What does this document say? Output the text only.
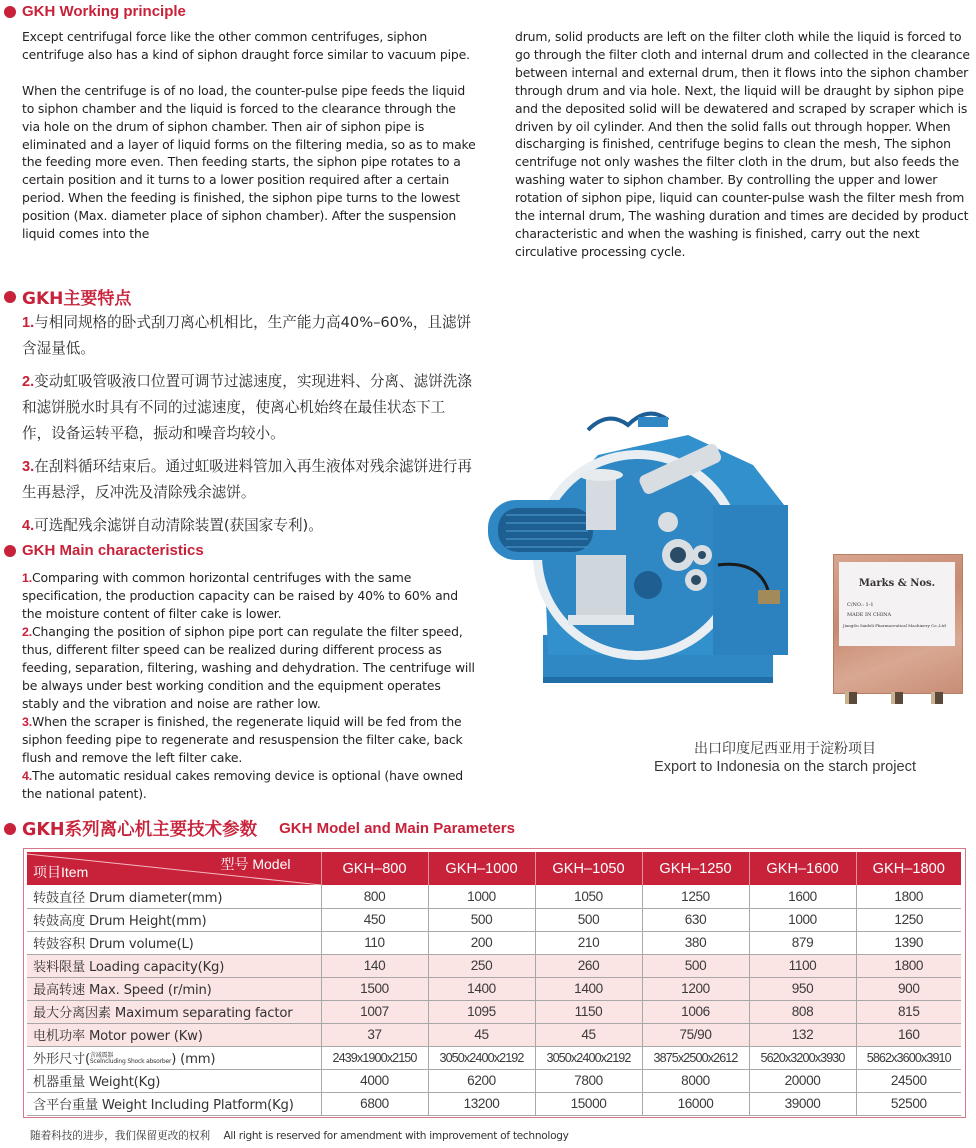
GKH Working principle

Except centrifugal force like the other common centrifuges, siphon centrifuge also has a kind of siphon draught force similar to vacuum pipe.

When the centrifuge is of no load, the counter-pulse pipe feeds the liquid to siphon chamber and the liquid is forced to the clearance through the via hole on the drum of siphon chamber. Then air of siphon pipe is eliminated and a layer of liquid forms on the filtering media, so as to make the feeding more even. Then feeding starts, the siphon pipe rotates to a certain position and it turns to a lower position required after a certain period. When the feeding is finished, the siphon pipe turns to the lowest position (Max. diameter place of siphon chamber). After the suspension liquid comes into the

drum, solid products are left on the filter cloth while the liquid is forced to go through the filter cloth and internal drum and collected in the clearance between internal and external drum, then it flows into the siphon chamber through drum and via hole. Next, the liquid will be draught by siphon pipe and the deposited solid will be dewatered and scraped by scraper which is driven by oil cylinder. And then the solid falls out through hopper. When discharging is finished, centrifuge begins to clean the mesh, The siphon centrifuge not only washes the filter cloth in the drum, but also feeds the washing water to siphon chamber. By controlling the upper and lower rotation of siphon pipe, liquid can counter-pulse wash the filter mesh from the internal drum, The washing duration and times are decided by product characteristic and when the washing is finished, carry out the next circulative processing cycle.

GKH主要特点
1.与相同规格的卧式刮刀离心机相比，生产能力高40%–60%，且滤饼含湿量低。
2.变动虹吸管吸液口位置可调节过滤速度，实现进料、分离、滤饼洗涤和滤饼脱水时具有不同的过滤速度，使离心机始终在最佳状态下工作，设备运转平稳，振动和噪音均较小。
3.在刮料循环结束后。通过虹吸进料管加入再生液体对残余滤饼进行再生再悬浮，反冲洗及清除残余滤饼。
4.可选配残余滤饼自动清除装置(获国家专利)。
GKH Main characteristics
1.Comparing with common horizontal centrifuges with the same specification, the production capacity can be raised by 40% to 60% and the moisture content of filter cake is lower.
2.Changing the position of siphon pipe port can regulate the filter speed, thus, different filter speed can be realized during different process as feeding, separation, filtering, washing and dehydration. The centrifuge will be always under best working condition and the equipment operates stably and the vibration and noise are rather low.
3.When the scraper is finished, the regenerate liquid will be fed from the siphon feeding pipe to regenerate and resuspension the filter cake, back flush and remove the left filter cake.
4.The automatic residual cakes removing device is optional (have owned the national patent).
Marks & Nos.
C/NO.: 1-1
MADE IN CHINA
JiangSu Saideli Pharmaceutical Machinery Co.,Ltd
出口印度尼西亚用于淀粉项目
Export to Indonesia on the starch project
GKH系列离心机主要技术参数 GKH Model and Main Parameters
型号 Model
项目Item	GKH–800	GKH–1000	GKH–1050	GKH–1250	GKH–1600	GKH–1800
转鼓直径 Drum diameter(mm)	800	1000	1050	1250	1600	1800
转鼓高度 Drum Height(mm)	450	500	500	630	1000	1250
转鼓容积 Drum volume(L)	110	200	210	380	879	1390
装料限量 Loading capacity(Kg)	140	250	260	500	1100	1800
最高转速 Max. Speed (r/min)	1500	1400	1400	1200	950	900
最大分离因素 Maximum separating factor	1007	1095	1150	1006	808	815
电机功率 Motor power (Kw)	37	45	45	75/90	132	160
外形尺寸(含减震器
Scelncluding Shock absorber) (mm)	2439x1900x2150	3050x2400x2192	3050x2400x2192	3875x2500x2612	5620x3200x3930	5862x3600x3910
机器重量 Weight(Kg)	4000	6200	7800	8000	20000	24500
含平台重量 Weight Including Platform(Kg)	6800	13200	15000	16000	39000	52500
随着科技的进步，我们保留更改的权利 All right is reserved for amendment with improvement of technology
